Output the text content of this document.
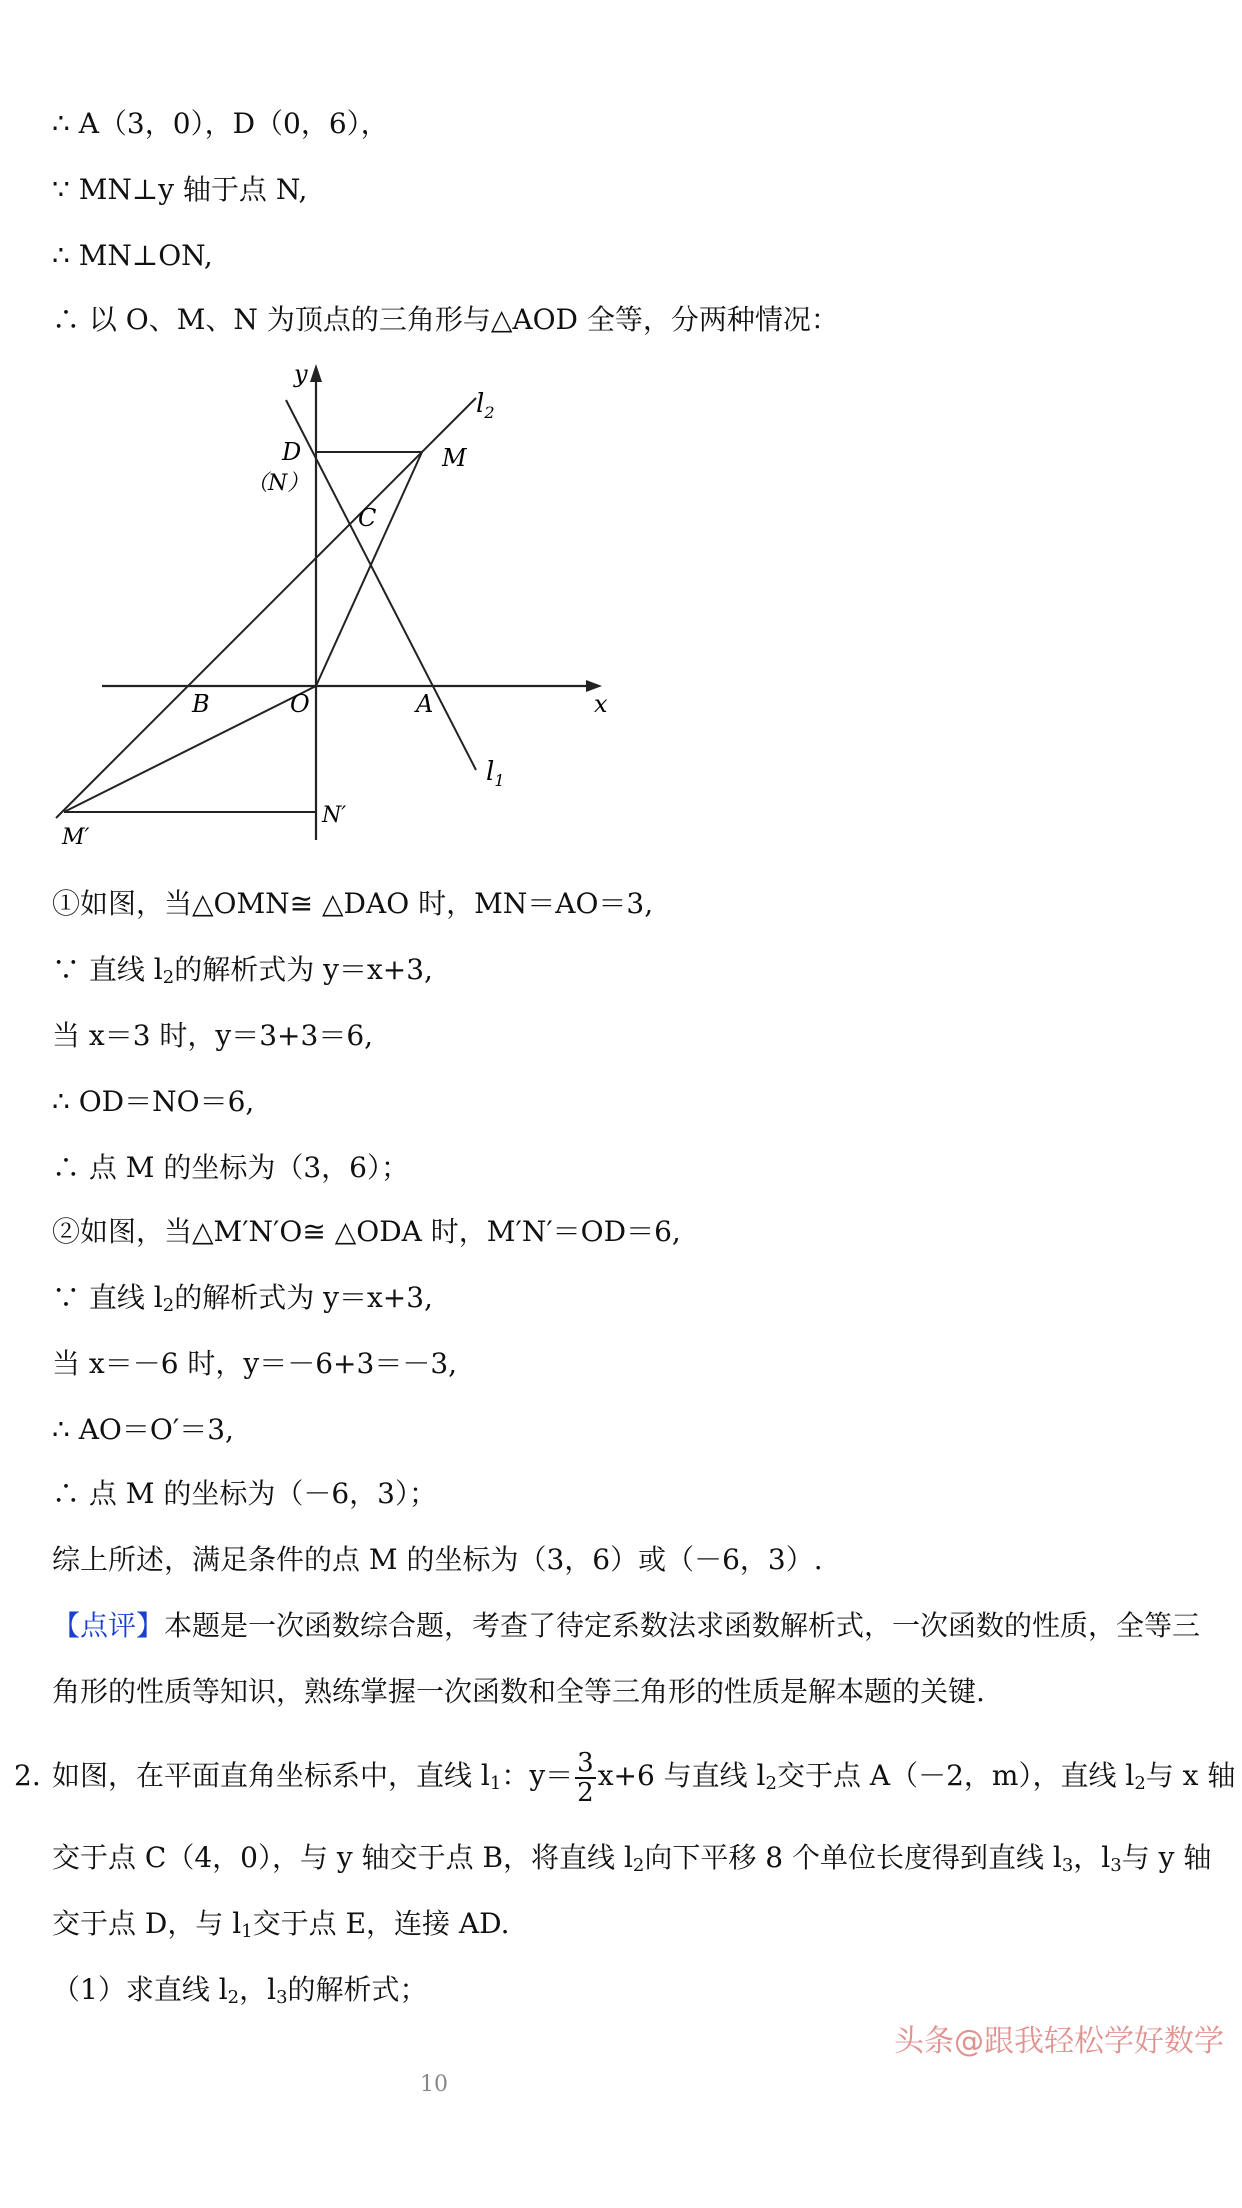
∴ A（3，0），D（0，6），
∵ MN⊥y 轴于点 N,
∴ MN⊥ON,
∴ 以 O、M、N 为顶点的三角形与△AOD 全等，分两种情况：
y
x
$l_2$
$l_1$
D
（N）
M
C
B	O	A
N′
M′
①如图，当△OMN≅ △DAO 时，MN＝AO＝3,
∵ 直线 $l_2$的解析式为 y＝x+3,
当 x＝3 时，y＝3+3＝6,
∴ OD＝NO＝6,
∴ 点 M 的坐标为（3，6）；
②如图，当△M′N′O≅ △ODA 时，M′N′＝OD＝6,
∵ 直线 $l_2$的解析式为 y＝x+3,
当 x＝－6 时，y＝－6+3＝－3,
∴ AO＝O′＝3,
∴ 点 M 的坐标为（－6，3）；
综上所述，满足条件的点 M 的坐标为（3，6）或（－6，3）.
【点评】本题是一次函数综合题，考查了待定系数法求函数解析式，一次函数的性质，全等三
角形的性质等知识，熟练掌握一次函数和全等三角形的性质是解本题的关键.
2. 如图，在平面直角坐标系中，直线 $l_1$：$y= \frac{3}{2} x+6$ 与直线 $l_2$交于点 A（－2，m），直线 $l_2$与 x 轴
交于点 C（4，0），与 y 轴交于点 B，将直线 $l_2$向下平移 8 个单位长度得到直线 $l_3$，$l_3$与 y 轴
交于点 D，与 $l_1$交于点 E，连接 AD.
（1）求直线 $l_2$，$l_3$的解析式；
头条@跟我轻松学好数学
10
